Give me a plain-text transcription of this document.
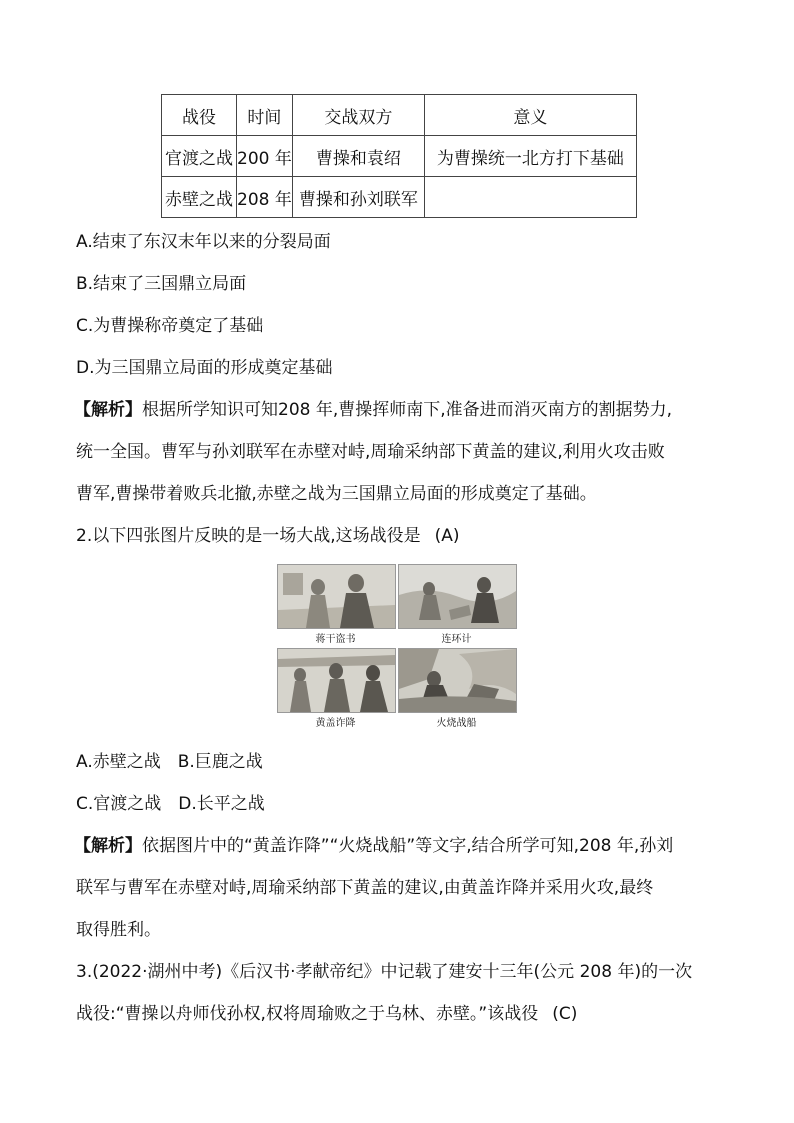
战役	时间	交战双方	意义
官渡之战	200 年	曹操和袁绍	为曹操统一北方打下基础
赤壁之战	208 年	曹操和孙刘联军	
A.结束了东汉末年以来的分裂局面
B.结束了三国鼎立局面
C.为曹操称帝奠定了基础
D.为三国鼎立局面的形成奠定基础
【解析】根据所学知识可知208 年,曹操挥师南下,准备进而消灭南方的割据势力,
统一全国。曹军与孙刘联军在赤壁对峙,周瑜采纳部下黄盖的建议,利用火攻击败
曹军,曹操带着败兵北撤,赤壁之战为三国鼎立局面的形成奠定了基础。
2.以下四张图片反映的是一场大战,这场战役是 (A)
蒋干盗书	连环计
黄盖诈降	火烧战船
A.赤壁之战　B.巨鹿之战
C.官渡之战　D.长平之战
【解析】依据图片中的“黄盖诈降”“火烧战船”等文字,结合所学可知,208 年,孙刘
联军与曹军在赤壁对峙,周瑜采纳部下黄盖的建议,由黄盖诈降并采用火攻,最终
取得胜利。
3.(2022·湖州中考)《后汉书·孝献帝纪》中记载了建安十三年(公元 208 年)的一次
战役:“曹操以舟师伐孙权,权将周瑜败之于乌林、赤壁。”该战役 (C)
